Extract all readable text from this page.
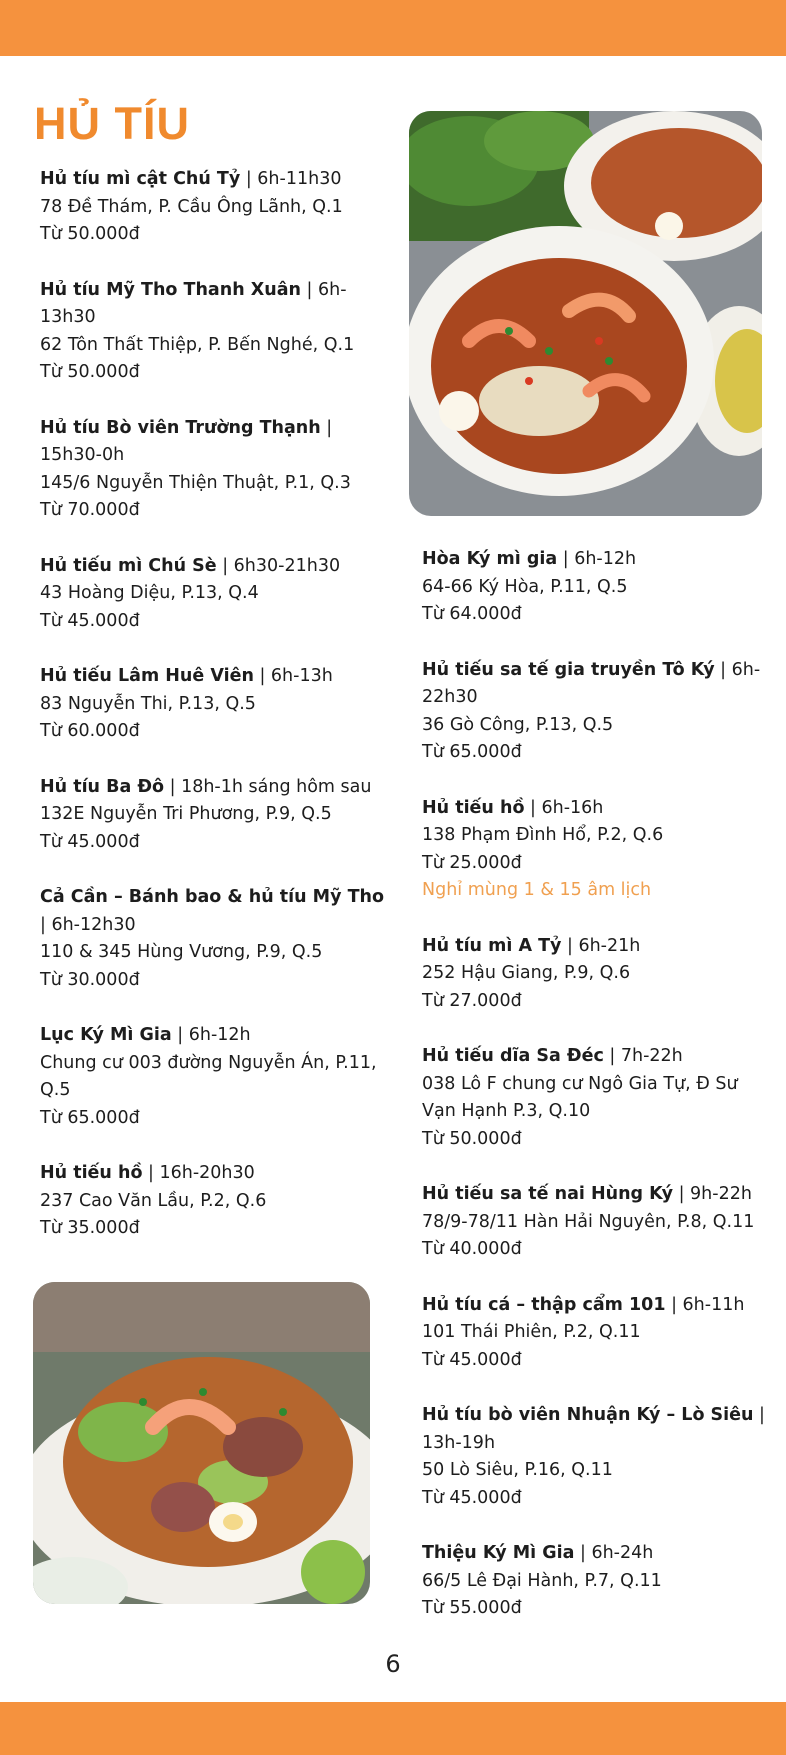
HỦ TÍU
Hủ tíu mì cật Chú Tỷ | 6h-11h30
78 Đề Thám, P. Cầu Ông Lãnh, Q.1
Từ 50.000đ
Hủ tíu Mỹ Tho Thanh Xuân | 6h-13h30
62 Tôn Thất Thiệp, P. Bến Nghé, Q.1
Từ 50.000đ
Hủ tíu Bò viên Trường Thạnh | 15h30-0h
145/6 Nguyễn Thiện Thuật, P.1, Q.3
Từ 70.000đ
Hủ tiếu mì Chú Sè | 6h30-21h30
43 Hoàng Diệu, P.13, Q.4
Từ 45.000đ
Hủ tiếu Lâm Huê Viên | 6h-13h
83 Nguyễn Thi, P.13, Q.5
Từ 60.000đ
Hủ tíu Ba Đô | 18h-1h sáng hôm sau
132E Nguyễn Tri Phương, P.9, Q.5
Từ 45.000đ
Cả Cần – Bánh bao & hủ tíu Mỹ Tho | 6h-12h30
110 & 345 Hùng Vương, P.9, Q.5
Từ 30.000đ
Lục Ký Mì Gia | 6h-12h
Chung cư 003 đường Nguyễn Án, P.11, Q.5
Từ 65.000đ
Hủ tiếu hồ | 16h-20h30
237 Cao Văn Lầu, P.2, Q.6
Từ 35.000đ
Hòa Ký mì gia | 6h-12h
64-66 Ký Hòa, P.11, Q.5
Từ 64.000đ
Hủ tiếu sa tế gia truyền Tô Ký | 6h-22h30
36 Gò Công, P.13, Q.5
Từ 65.000đ
Hủ tiếu hồ | 6h-16h
138 Phạm Đình Hổ, P.2, Q.6
Từ 25.000đ
Nghỉ mùng 1 & 15 âm lịch
Hủ tíu mì A Tỷ | 6h-21h
252 Hậu Giang, P.9, Q.6
Từ 27.000đ
Hủ tiếu dĩa Sa Đéc | 7h-22h
038 Lô F chung cư Ngô Gia Tự, Đ Sư Vạn Hạnh P.3, Q.10
Từ 50.000đ
Hủ tiếu sa tế nai Hùng Ký | 9h-22h
78/9-78/11 Hàn Hải Nguyên, P.8, Q.11
Từ 40.000đ
Hủ tíu cá – thập cẩm 101 | 6h-11h
101 Thái Phiên, P.2, Q.11
Từ 45.000đ
Hủ tíu bò viên Nhuận Ký – Lò Siêu | 13h-19h
50 Lò Siêu, P.16, Q.11
Từ 45.000đ
Thiệu Ký Mì Gia | 6h-24h
66/5 Lê Đại Hành, P.7, Q.11
Từ 55.000đ
6
